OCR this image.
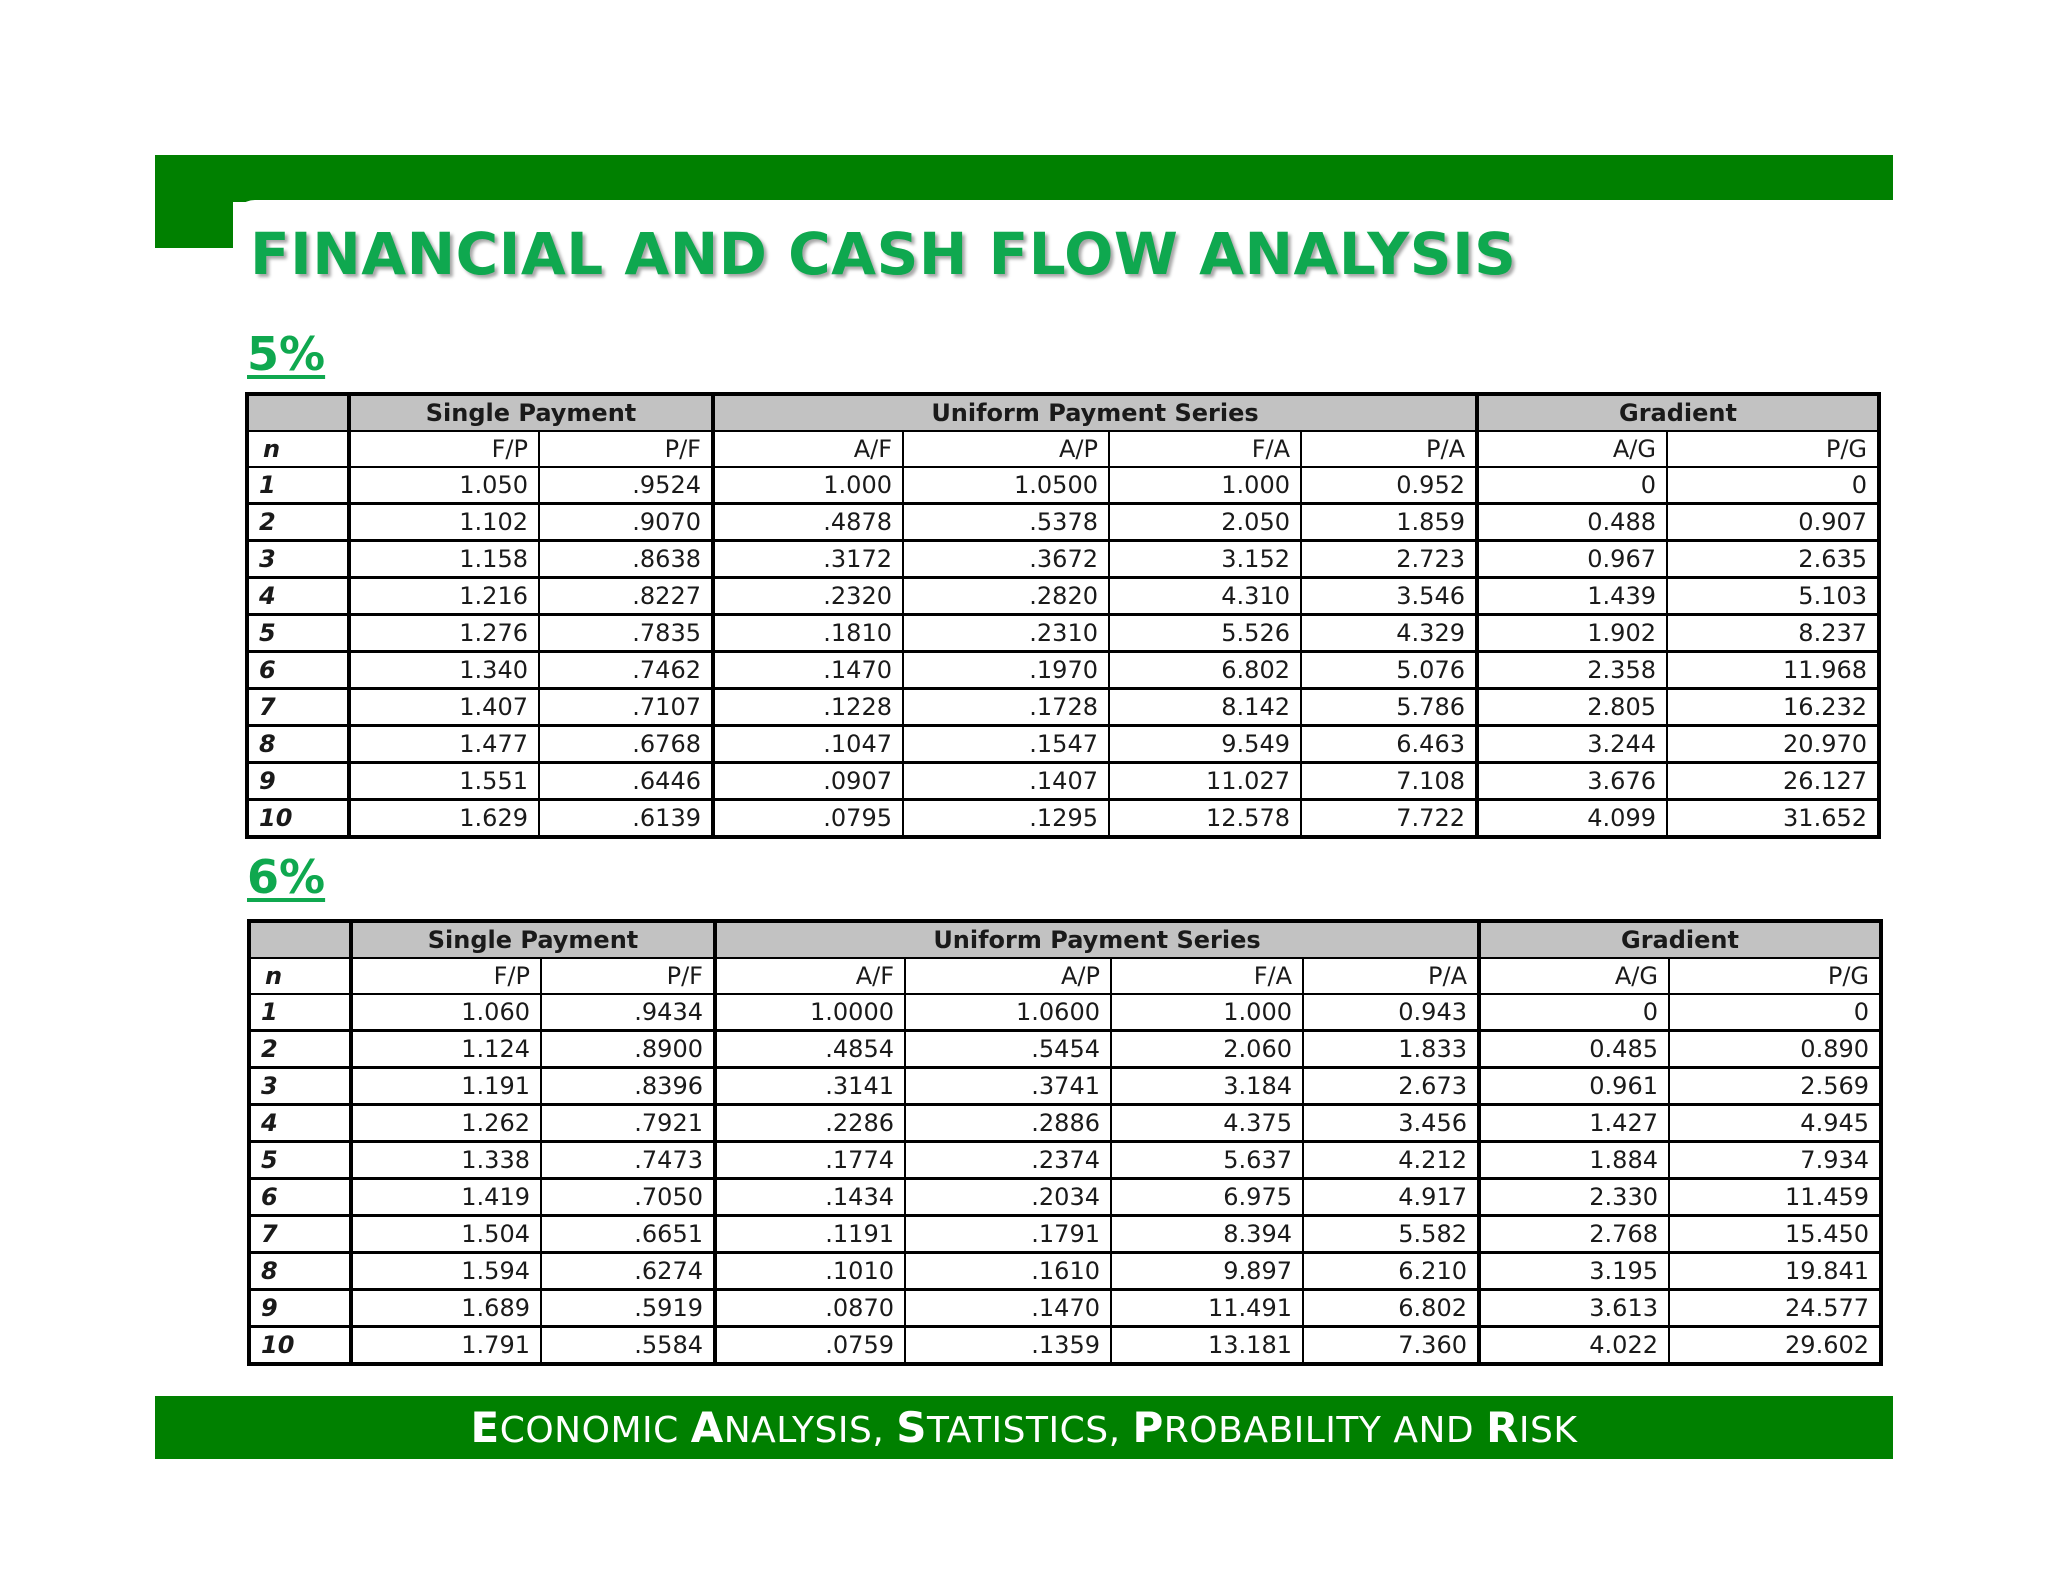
FINANCIAL AND CASH FLOW ANALYSIS
5%
	Single Payment		Uniform Payment Series				Gradient	
n	F/P	P/F	A/F	A/P	F/A	P/A	A/G	P/G
1	1.050	.9524	1.000	1.0500	1.000	0.952	0	0
2	1.102	.9070	.4878	.5378	2.050	1.859	0.488	0.907
3	1.158	.8638	.3172	.3672	3.152	2.723	0.967	2.635
4	1.216	.8227	.2320	.2820	4.310	3.546	1.439	5.103
5	1.276	.7835	.1810	.2310	5.526	4.329	1.902	8.237
6	1.340	.7462	.1470	.1970	6.802	5.076	2.358	11.968
7	1.407	.7107	.1228	.1728	8.142	5.786	2.805	16.232
8	1.477	.6768	.1047	.1547	9.549	6.463	3.244	20.970
9	1.551	.6446	.0907	.1407	11.027	7.108	3.676	26.127
10	1.629	.6139	.0795	.1295	12.578	7.722	4.099	31.652
6%
	Single Payment		Uniform Payment Series				Gradient	
n	F/P	P/F	A/F	A/P	F/A	P/A	A/G	P/G
1	1.060	.9434	1.0000	1.0600	1.000	0.943	0	0
2	1.124	.8900	.4854	.5454	2.060	1.833	0.485	0.890
3	1.191	.8396	.3141	.3741	3.184	2.673	0.961	2.569
4	1.262	.7921	.2286	.2886	4.375	3.456	1.427	4.945
5	1.338	.7473	.1774	.2374	5.637	4.212	1.884	7.934
6	1.419	.7050	.1434	.2034	6.975	4.917	2.330	11.459
7	1.504	.6651	.1191	.1791	8.394	5.582	2.768	15.450
8	1.594	.6274	.1010	.1610	9.897	6.210	3.195	19.841
9	1.689	.5919	.0870	.1470	11.491	6.802	3.613	24.577
10	1.791	.5584	.0759	.1359	13.181	7.360	4.022	29.602

ECONOMIC ANALYSIS, STATISTICS, PROBABILITY AND RISK
